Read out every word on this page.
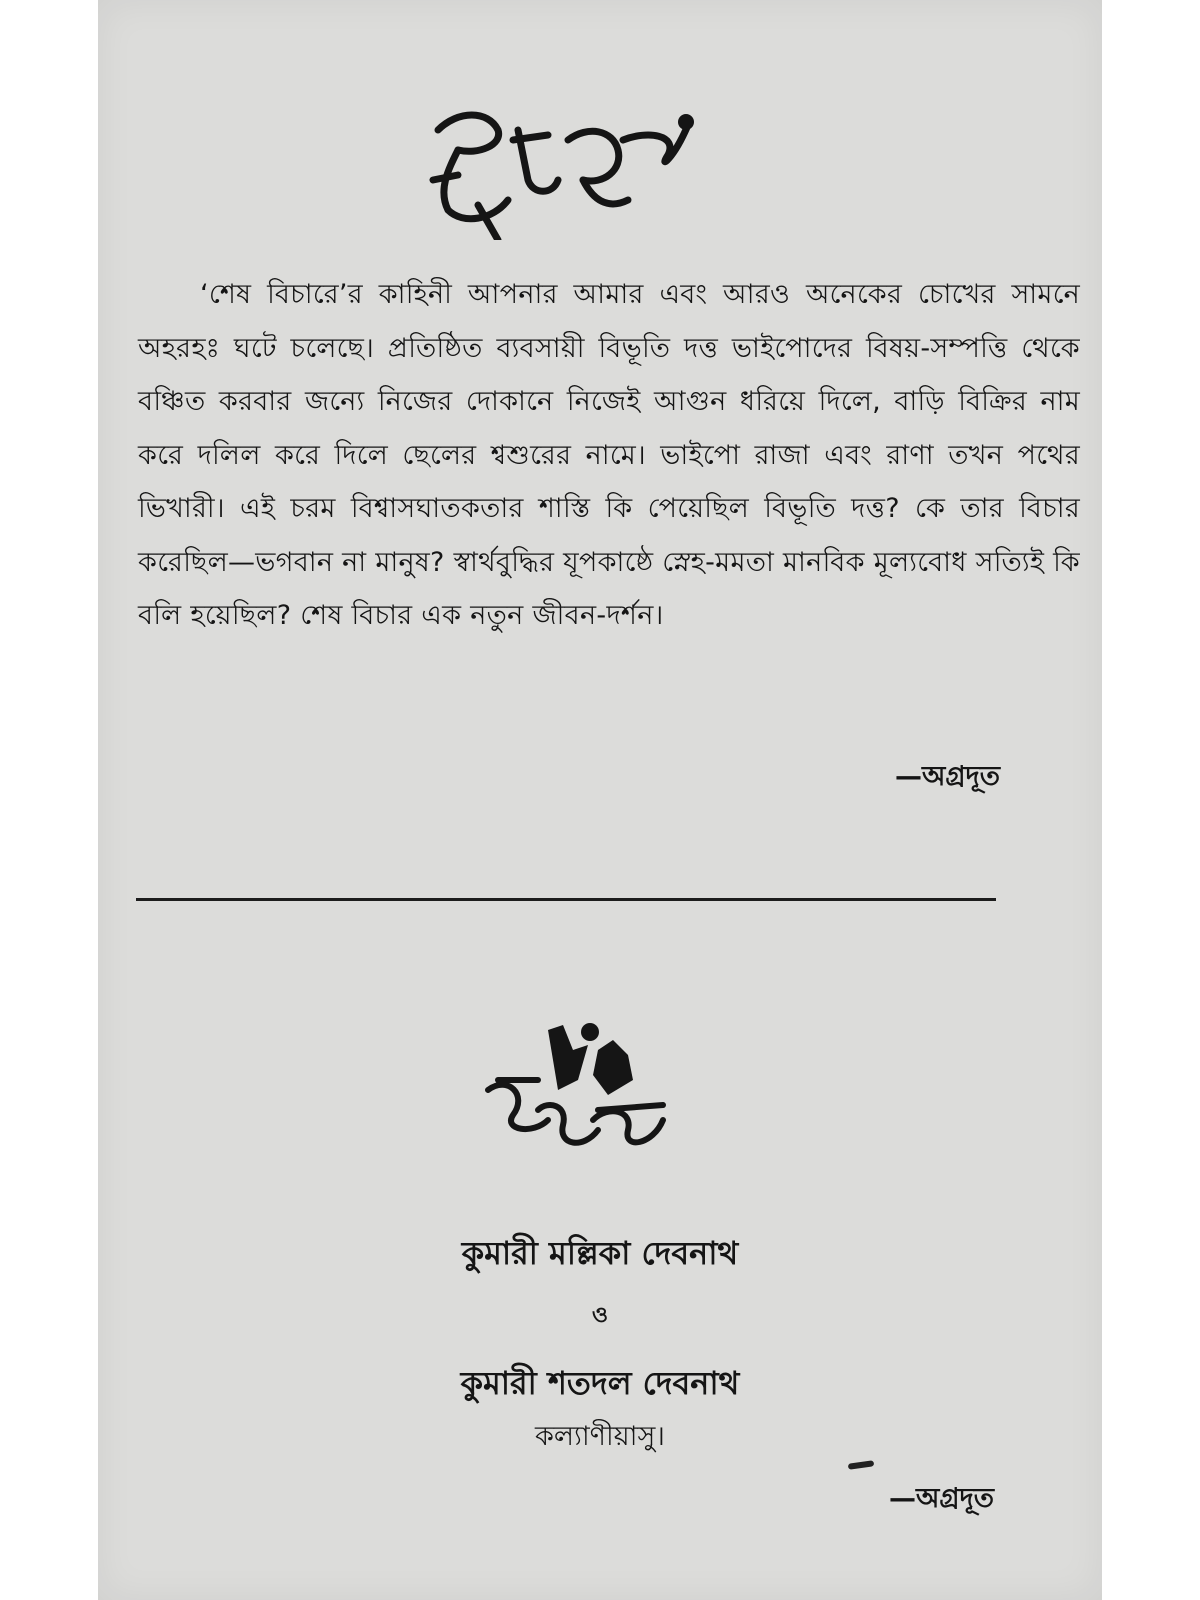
‘শেষ বিচারে’র কাহিনী আপনার আমার এবং আরও অনেকের চোখের সামনে অহরহঃ ঘটে চলেছে। প্রতিষ্ঠিত ব্যবসায়ী বিভূতি দত্ত ভাইপোদের বিষয়-সম্পত্তি থেকে বঞ্চিত করবার জন্যে নিজের দোকানে নিজেই আগুন ধরিয়ে দিলে, বাড়ি বিক্রির নাম করে দলিল করে দিলে ছেলের শ্বশুরের নামে। ভাইপো রাজা এবং রাণা তখন পথের ভিখারী। এই চরম বিশ্বাসঘাতকতার শাস্তি কি পেয়েছিল বিভূতি দত্ত? কে তার বিচার করেছিল—ভগবান না মানুষ? স্বার্থবুদ্ধির যূপকাষ্ঠে স্নেহ-মমতা মানবিক মূল্যবোধ সত্যিই কি বলি হয়েছিল? শেষ বিচার এক নতুন জীবন-দর্শন।

—অগ্রদূত

কুমারী মল্লিকা দেবনাথ

ও

কুমারী শতদল দেবনাথ

কল্যাণীয়াসু।

—অগ্রদূত
